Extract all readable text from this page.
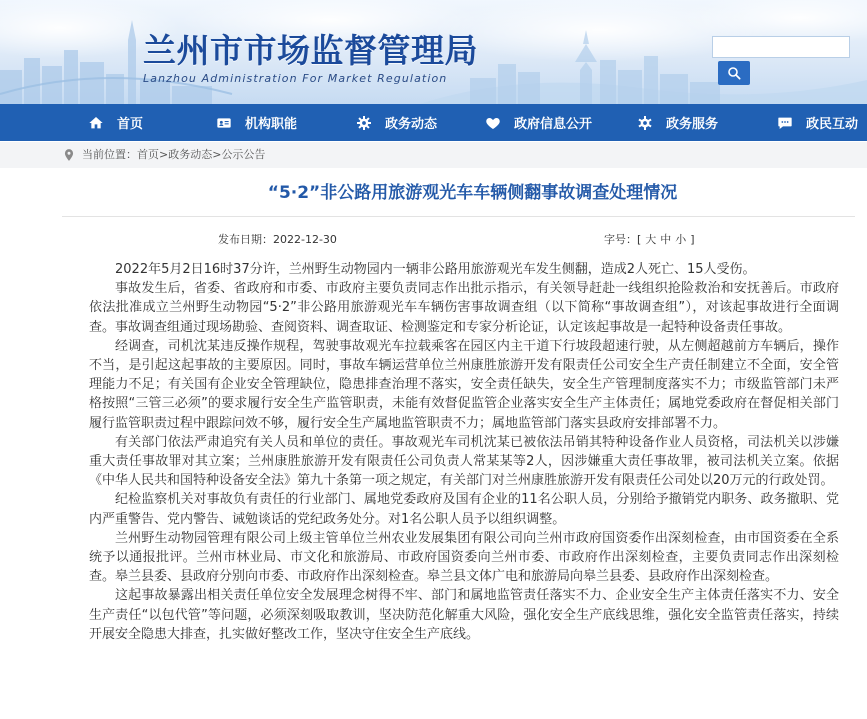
兰州市市场监督管理局
Lanzhou Administration For Market Regulation
首页	机构职能	政务动态	政府信息公开	政务服务	政民互动
当前位置：首页>政务动态>公示公告
“5·2”非公路用旅游观光车车辆侧翻事故调查处理情况
发布日期：2022-12-30	字号：[ 大 中 小 ]

2022年5月2日16时37分许，兰州野生动物园内一辆非公路用旅游观光车发生侧翻，造成2人死亡、15人受伤。

事故发生后，省委、省政府和市委、市政府主要负责同志作出批示指示，有关领导赶赴一线组织抢险救治和安抚善后。市政府依法批准成立兰州野生动物园“5·2”非公路用旅游观光车车辆伤害事故调查组（以下简称“事故调查组”），对该起事故进行全面调查。事故调查组通过现场勘验、查阅资料、调查取证、检测鉴定和专家分析论证，认定该起事故是一起特种设备责任事故。

经调查，司机沈某违反操作规程，驾驶事故观光车拉载乘客在园区内主干道下行坡段超速行驶，从左侧超越前方车辆后，操作不当，是引起这起事故的主要原因。同时，事故车辆运营单位兰州康胜旅游开发有限责任公司安全生产责任制建立不全面，安全管理能力不足；有关国有企业安全管理缺位，隐患排查治理不落实，安全责任缺失，安全生产管理制度落实不力；市级监管部门未严格按照“三管三必须”的要求履行安全生产监管职责，未能有效督促监管企业落实安全生产主体责任；属地党委政府在督促相关部门履行监管职责过程中跟踪问效不够，履行安全生产属地监管职责不力；属地监管部门落实县政府安排部署不力。

有关部门依法严肃追究有关人员和单位的责任。事故观光车司机沈某已被依法吊销其特种设备作业人员资格，司法机关以涉嫌重大责任事故罪对其立案；兰州康胜旅游开发有限责任公司负责人常某某等2人，因涉嫌重大责任事故罪，被司法机关立案。依据《中华人民共和国特种设备安全法》第九十条第一项之规定，有关部门对兰州康胜旅游开发有限责任公司处以20万元的行政处罚。

纪检监察机关对事故负有责任的行业部门、属地党委政府及国有企业的11名公职人员，分别给予撤销党内职务、政务撤职、党内严重警告、党内警告、诫勉谈话的党纪政务处分。对1名公职人员予以组织调整。

兰州野生动物园管理有限公司上级主管单位兰州农业发展集团有限公司向兰州市政府国资委作出深刻检查，由市国资委在全系统予以通报批评。兰州市林业局、市文化和旅游局、市政府国资委向兰州市委、市政府作出深刻检查，主要负责同志作出深刻检查。皋兰县委、县政府分别向市委、市政府作出深刻检查。皋兰县文体广电和旅游局向皋兰县委、县政府作出深刻检查。

这起事故暴露出相关责任单位安全发展理念树得不牢、部门和属地监管责任落实不力、企业安全生产主体责任落实不力、安全生产责任“以包代管”等问题，必须深刻吸取教训，坚决防范化解重大风险，强化安全生产底线思维，强化安全监管责任落实，持续开展安全隐患大排查，扎实做好整改工作，坚决守住安全生产底线。
